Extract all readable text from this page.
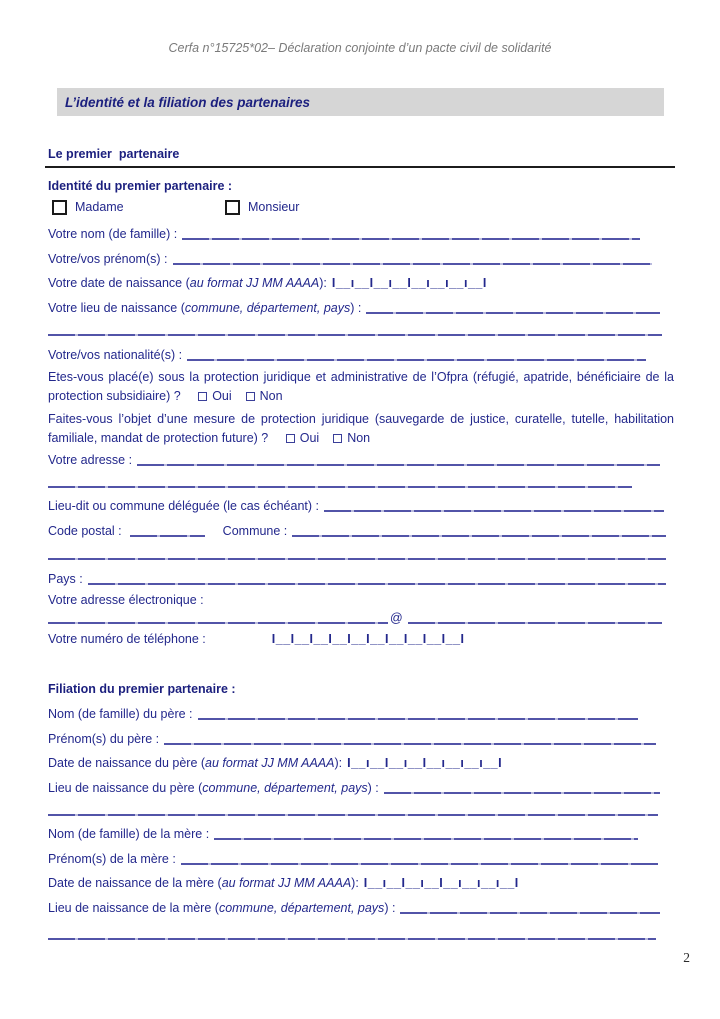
Cerfa n°15725*02– Déclaration conjointe d’un pacte civil de solidarité
L’identité et la filiation des partenaires
Le premier  partenaire
Identité du premier partenaire :
Madame	Monsieur
Votre nom (de famille) :
Votre/vos prénom(s) :
Votre date de naissance ( au format JJ MM AAAA ): I__ı__I__ı__I__ı__ı__ı__I
Votre lieu de naissance ( commune, département, pays ) :
Votre/vos nationalité(s) :
Etes-vous placé(e) sous la protection juridique et administrative de l’Ofpra (réfugié, apatride, bénéficiaire de la protection subsidiaire) ? Oui Non
Faites-vous l’objet d’une mesure de protection juridique (sauvegarde de justice, curatelle, tutelle, habilitation familiale, mandat de protection future) ? Oui Non
Votre adresse :
Lieu-dit ou commune déléguée (le cas échéant) :
Code postal :	Commune :
Pays :
Votre adresse électronique :
@
Votre numéro de téléphone :	I__I__I__I__I__I__I__I__I__I__I
Filiation du premier partenaire :
Nom (de famille) du père :
Prénom(s) du père :
Date de naissance du père ( au format JJ MM AAAA ): I__ı__I__ı__I__ı__ı__ı__I
Lieu de naissance du père ( commune, département, pays ) :
Nom (de famille) de la mère :
Prénom(s) de la mère :
Date de naissance de la mère ( au format JJ MM AAAA ): I__ı__I__ı__I__ı__ı__ı__I
Lieu de naissance de la mère ( commune, département, pays ) :
2
